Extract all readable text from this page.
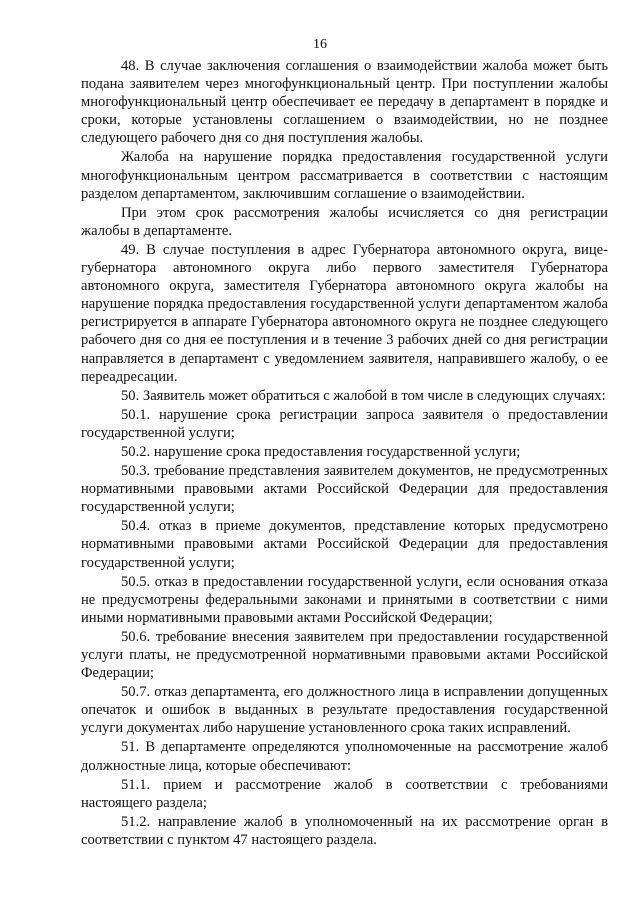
16

48. В случае заключения соглашения о взаимодействии жалоба может быть подана заявителем через многофункциональный центр. При поступлении жалобы многофункциональный центр обеспечивает ее передачу в департамент в порядке и сроки, которые установлены соглашением о взаимодействии, но не позднее следующего рабочего дня со дня поступления жалобы.

Жалоба на нарушение порядка предоставления государственной услуги многофункциональным центром рассматривается в соответствии с настоящим разделом департаментом, заключившим соглашение о взаимодействии.

При этом срок рассмотрения жалобы исчисляется со дня регистрации жалобы в департаменте.

49. В случае поступления в адрес Губернатора автономного округа, вице-губернатора автономного округа либо первого заместителя Губернатора автономного округа, заместителя Губернатора автономного округа жалобы на нарушение порядка предоставления государственной услуги департаментом жалоба регистрируется в аппарате Губернатора автономного округа не позднее следующего рабочего дня со дня ее поступления и в течение 3 рабочих дней со дня регистрации направляется в департамент с уведомлением заявителя, направившего жалобу, о ее переадресации.

50. Заявитель может обратиться с жалобой в том числе в следующих случаях:

50.1. нарушение срока регистрации запроса заявителя о предоставлении государственной услуги;

50.2. нарушение срока предоставления государственной услуги;

50.3. требование представления заявителем документов, не предусмотренных нормативными правовыми актами Российской Федерации для предоставления государственной услуги;

50.4. отказ в приеме документов, представление которых предусмотрено нормативными правовыми актами Российской Федерации для предоставления государственной услуги;

50.5. отказ в предоставлении государственной услуги, если основания отказа не предусмотрены федеральными законами и принятыми в соответствии с ними иными нормативными правовыми актами Российской Федерации;

50.6. требование внесения заявителем при предоставлении государственной услуги платы, не предусмотренной нормативными правовыми актами Российской Федерации;

50.7. отказ департамента, его должностного лица в исправлении допущенных опечаток и ошибок в выданных в результате предоставления государственной услуги документах либо нарушение установленного срока таких исправлений.

51. В департаменте определяются уполномоченные на рассмотрение жалоб должностные лица, которые обеспечивают:

51.1. прием и рассмотрение жалоб в соответствии с требованиями настоящего раздела;

51.2. направление жалоб в уполномоченный на их рассмотрение орган в соответствии с пунктом 47 настоящего раздела.
